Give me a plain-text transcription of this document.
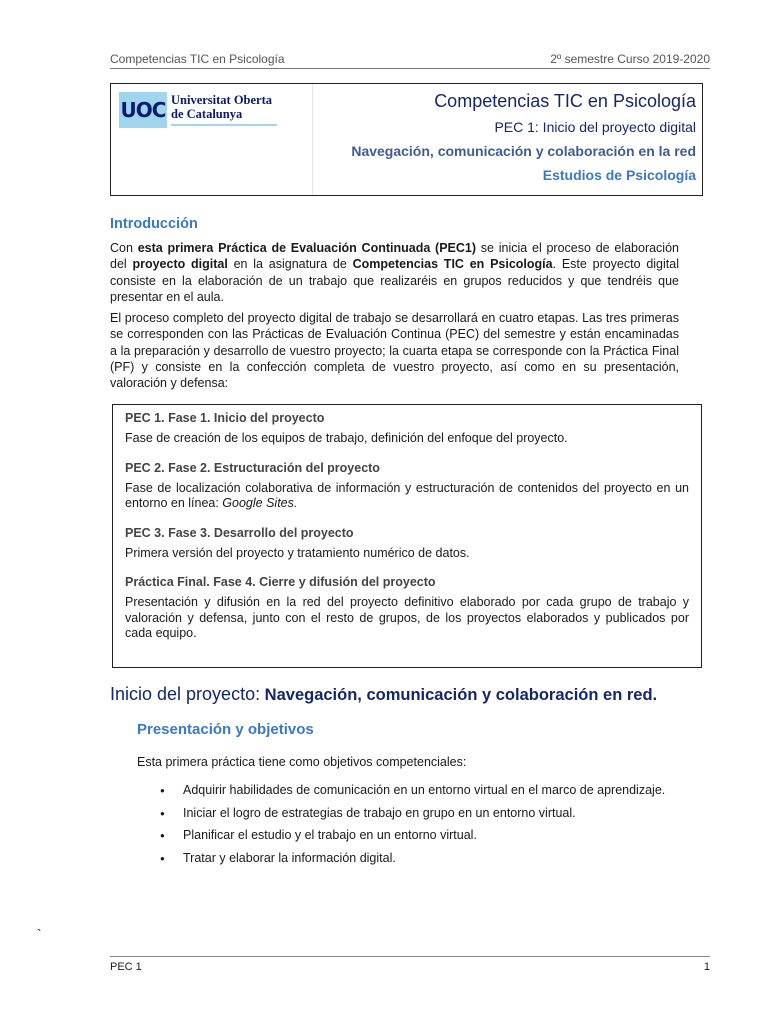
Competencias TIC en Psicología	2º semestre Curso 2019-2020
UOC Universitat Oberta
de Catalunya
Competencias TIC en Psicología
PEC 1: Inicio del proyecto digital
Navegación, comunicación y colaboración en la red
Estudios de Psicología
Introducción
Con esta primera Práctica de Evaluación Continuada (PEC1) se inicia el proceso de elaboración del proyecto digital en la asignatura de Competencias TIC en Psicología. Este proyecto digital consiste en la elaboración de un trabajo que realizaréis en grupos reducidos y que tendréis que presentar en el aula.
El proceso completo del proyecto digital de trabajo se desarrollará en cuatro etapas. Las tres primeras se corresponden con las Prácticas de Evaluación Continua (PEC) del semestre y están encaminadas a la preparación y desarrollo de vuestro proyecto; la cuarta etapa se corresponde con la Práctica Final (PF) y consiste en la confección completa de vuestro proyecto, así como en su presentación, valoración y defensa:
PEC 1. Fase 1. Inicio del proyecto
Fase de creación de los equipos de trabajo, definición del enfoque del proyecto.
PEC 2. Fase 2. Estructuración del proyecto
Fase de localización colaborativa de información y estructuración de contenidos del proyecto en un entorno en línea: Google Sites.
PEC 3. Fase 3. Desarrollo del proyecto
Primera versión del proyecto y tratamiento numérico de datos.
Práctica Final. Fase 4. Cierre y difusión del proyecto
Presentación y difusión en la red del proyecto definitivo elaborado por cada grupo de trabajo y valoración y defensa, junto con el resto de grupos, de los proyectos elaborados y publicados por cada equipo.
Inicio del proyecto: Navegación, comunicación y colaboración en red.
Presentación y objetivos
Esta primera práctica tiene como objetivos competenciales:
● Adquirir habilidades de comunicación en un entorno virtual en el marco de aprendizaje.
● Iniciar el logro de estrategias de trabajo en grupo en un entorno virtual.
● Planificar el estudio y el trabajo en un entorno virtual.
● Tratar y elaborar la información digital.
`
PEC 1	1
